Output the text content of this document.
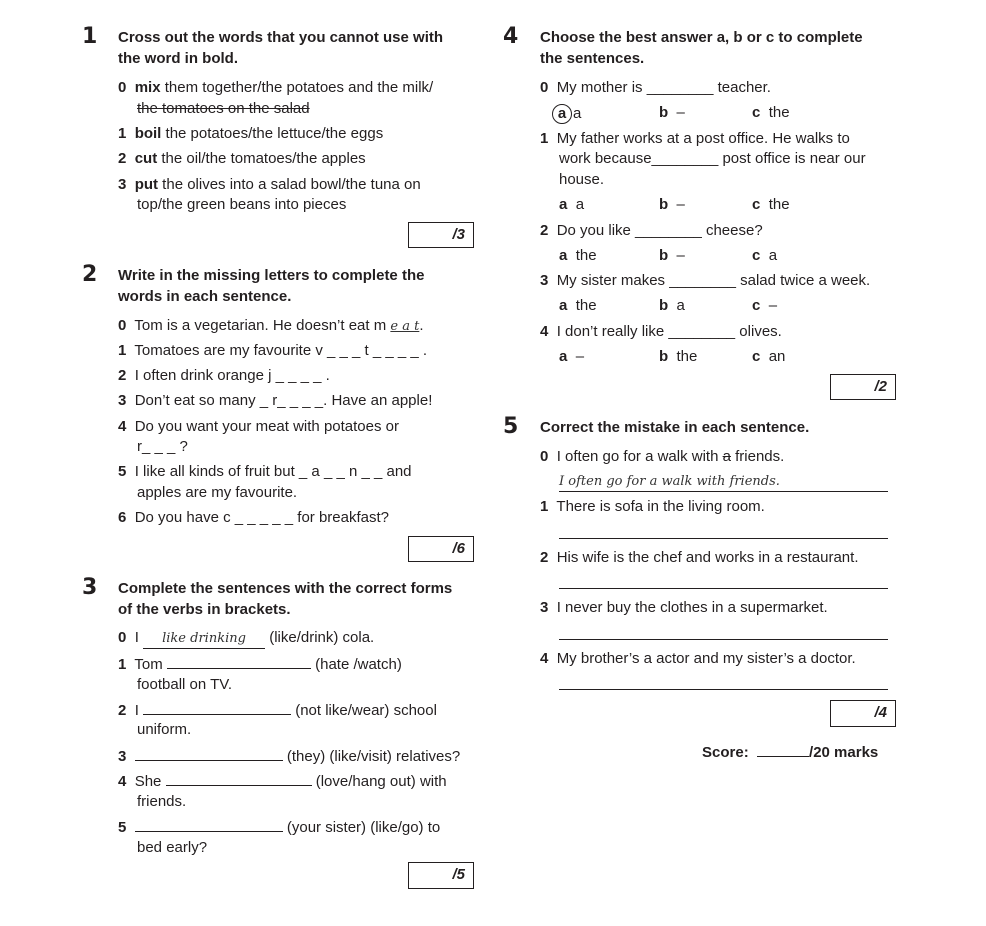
1 Cross out the words that you cannot use with
the word in bold.
0 mix them together/the potatoes and the milk/
the tomatoes on the salad
1 boil the potatoes/the lettuce/the eggs
2 cut the oil/the tomatoes/the apples
3 put the olives into a salad bowl/the tuna on
top/the green beans into pieces
/3
2 Write in the missing letters to complete the
words in each sentence.
0 Tom is a vegetarian. He doesn’t eat m e a t.
1 Tomatoes are my favourite v _ _ _ t _ _ _ _ .
2 I often drink orange j _ _ _ _ .
3 Don’t eat so many _ r_ _ _ _. Have an apple!
4 Do you want your meat with potatoes or
r_ _ _ ?
5 I like all kinds of fruit but _ a _ _ n _ _ and
apples are my favourite.
6 Do you have c _ _ _ _ _ for breakfast?
/6
3 Complete the sentences with the correct forms
of the verbs in brackets.
0 I like drinking (like/drink) cola.
1 Tom	(hate /watch)
football on TV.
2 I	(not like/wear) school
uniform.
3	(they) (like/visit) relatives?
4 She	(love/hang out) with
friends.
5	(your sister) (like/go) to
bed early?
/5
4 Choose the best answer a, b or c to complete
the sentences.
0 My mother is ________ teacher.
a a	b –	c the
1 My father works at a post office. He walks to
work because________ post office is near our
house.
a a	b –	c the
2 Do you like ________ cheese?
a the	b –	c a
3 My sister makes ________ salad twice a week.
a the	b a	c –
4 I don’t really like ________ olives.
a –	b the	c an
/2
5 Correct the mistake in each sentence.
0 I often go for a walk with a friends.
I often go for a walk with friends.
1 There is sofa in the living room.
2 His wife is the chef and works in a restaurant.
3 I never buy the clothes in a supermarket.
4 My brother’s a actor and my sister’s a doctor.
/4
Score:	/20 marks
